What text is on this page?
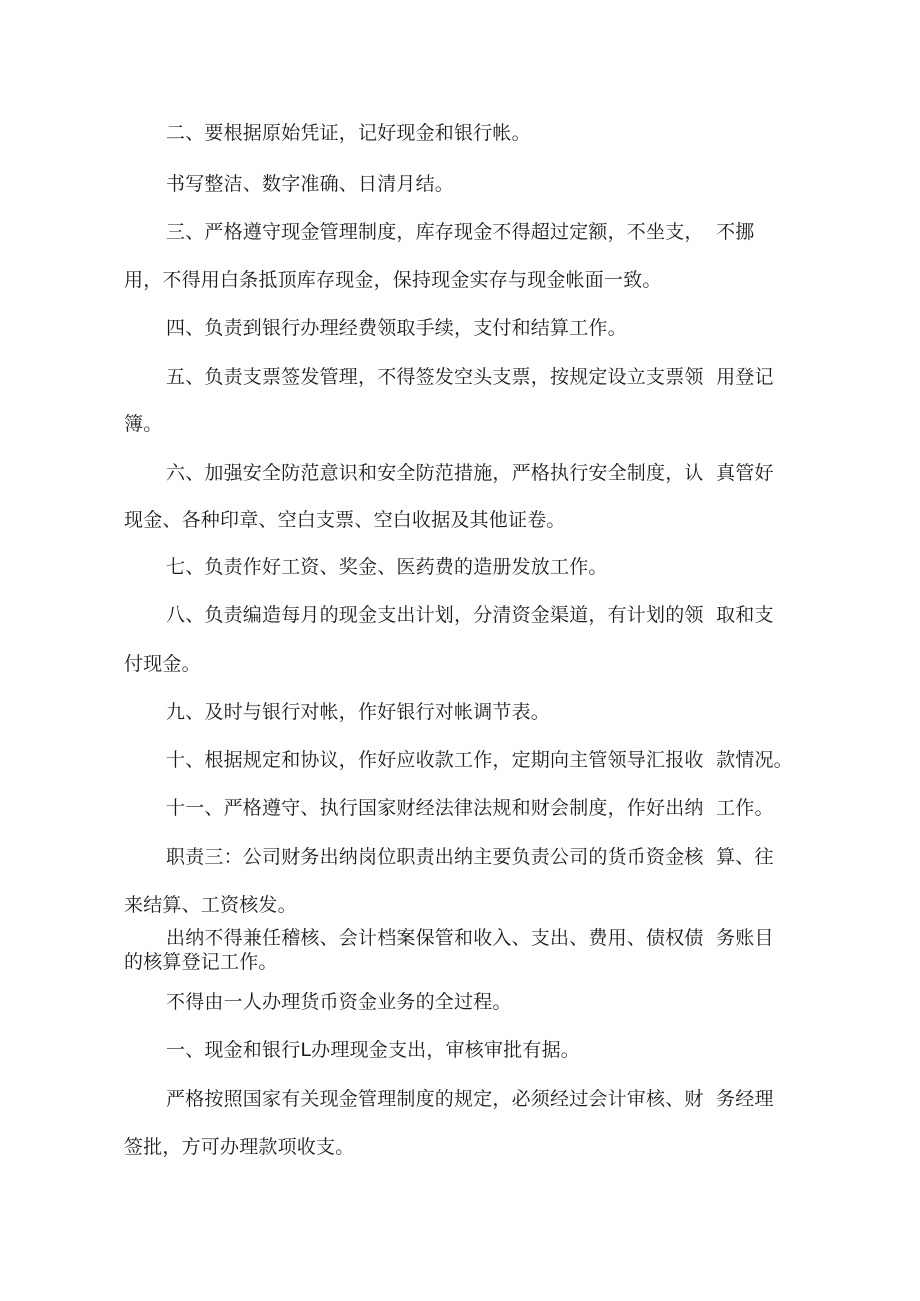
二、要根据原始凭证，记好现金和银行帐。
书写整洁、数字准确、日清月结。
三、严格遵守现金管理制度，库存现金不得超过定额，不坐支，  不挪
用，不得用白条抵顶库存现金，保持现金实存与现金帐面一致。
四、负责到银行办理经费领取手续，支付和结算工作。
五、负责支票签发管理，不得签发空头支票，按规定设立支票领  用登记
簿。
六、加强安全防范意识和安全防范措施，严格执行安全制度，认  真管好
现金、各种印章、空白支票、空白收据及其他证卷。
七、负责作好工资、奖金、医药费的造册发放工作。
八、负责编造每月的现金支出计划，分清资金渠道，有计划的领  取和支
付现金。
九、及时与银行对帐，作好银行对帐调节表。
十、根据规定和协议，作好应收款工作，定期向主管领导汇报收  款情况。
十一、严格遵守、执行国家财经法律法规和财会制度，作好出纳  工作。
职责三：公司财务出纳岗位职责出纳主要负责公司的货币资金核  算、往
来结算、工资核发。
出纳不得兼任稽核、会计档案保管和收入、支出、费用、债权债  务账目
的核算登记工作。
不得由一人办理货币资金业务的全过程。
一、现金和银行L办理现金支出，审核审批有据。
严格按照国家有关现金管理制度的规定，必须经过会计审核、财  务经理
签批，方可办理款项收支。
